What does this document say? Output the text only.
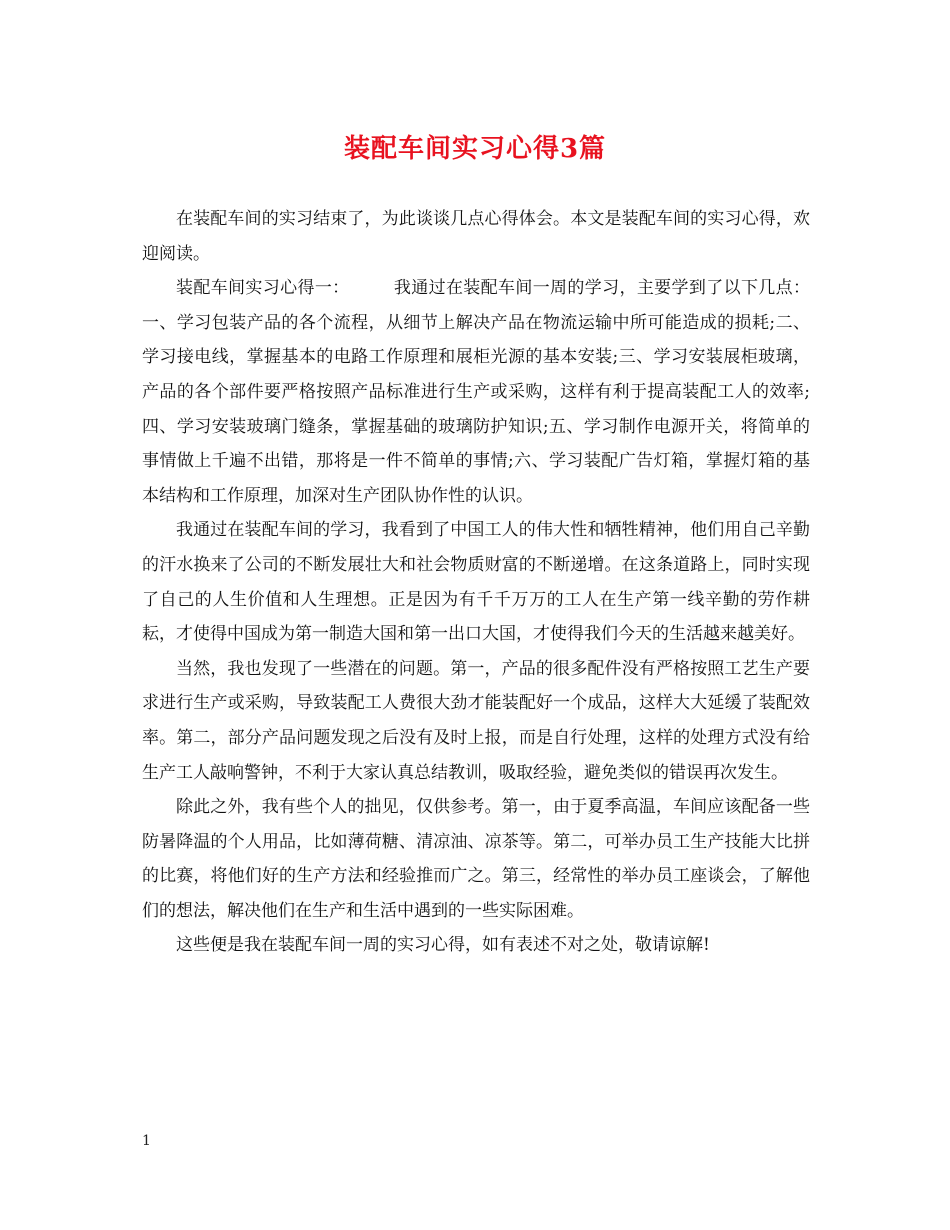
装配车间实习心得3篇

在装配车间的实习结束了，为此谈谈几点心得体会。本文是装配车间的实习心得，欢迎阅读。

装配车间实习心得一：	我通过在装配车间一周的学习，主要学到了以下几点：一、学习包装产品的各个流程，从细节上解决产品在物流运输中所可能造成的损耗;二、学习接电线，掌握基本的电路工作原理和展柜光源的基本安装;三、学习安装展柜玻璃，产品的各个部件要严格按照产品标准进行生产或采购，这样有利于提高装配工人的效率;四、学习安装玻璃门缝条，掌握基础的玻璃防护知识;五、学习制作电源开关，将简单的事情做上千遍不出错，那将是一件不简单的事情;六、学习装配广告灯箱，掌握灯箱的基本结构和工作原理，加深对生产团队协作性的认识。

我通过在装配车间的学习，我看到了中国工人的伟大性和牺牲精神，他们用自己辛勤的汗水换来了公司的不断发展壮大和社会物质财富的不断递增。在这条道路上，同时实现了自己的人生价值和人生理想。正是因为有千千万万的工人在生产第一线辛勤的劳作耕耘，才使得中国成为第一制造大国和第一出口大国，才使得我们今天的生活越来越美好。

当然，我也发现了一些潜在的问题。第一，产品的很多配件没有严格按照工艺生产要求进行生产或采购，导致装配工人费很大劲才能装配好一个成品，这样大大延缓了装配效率。第二，部分产品问题发现之后没有及时上报，而是自行处理，这样的处理方式没有给生产工人敲响警钟，不利于大家认真总结教训，吸取经验，避免类似的错误再次发生。

除此之外，我有些个人的拙见，仅供参考。第一，由于夏季高温，车间应该配备一些防暑降温的个人用品，比如薄荷糖、清凉油、凉茶等。第二，可举办员工生产技能大比拼的比赛，将他们好的生产方法和经验推而广之。第三，经常性的举办员工座谈会，了解他们的想法，解决他们在生产和生活中遇到的一些实际困难。

这些便是我在装配车间一周的实习心得，如有表述不对之处，敬请谅解!

1
